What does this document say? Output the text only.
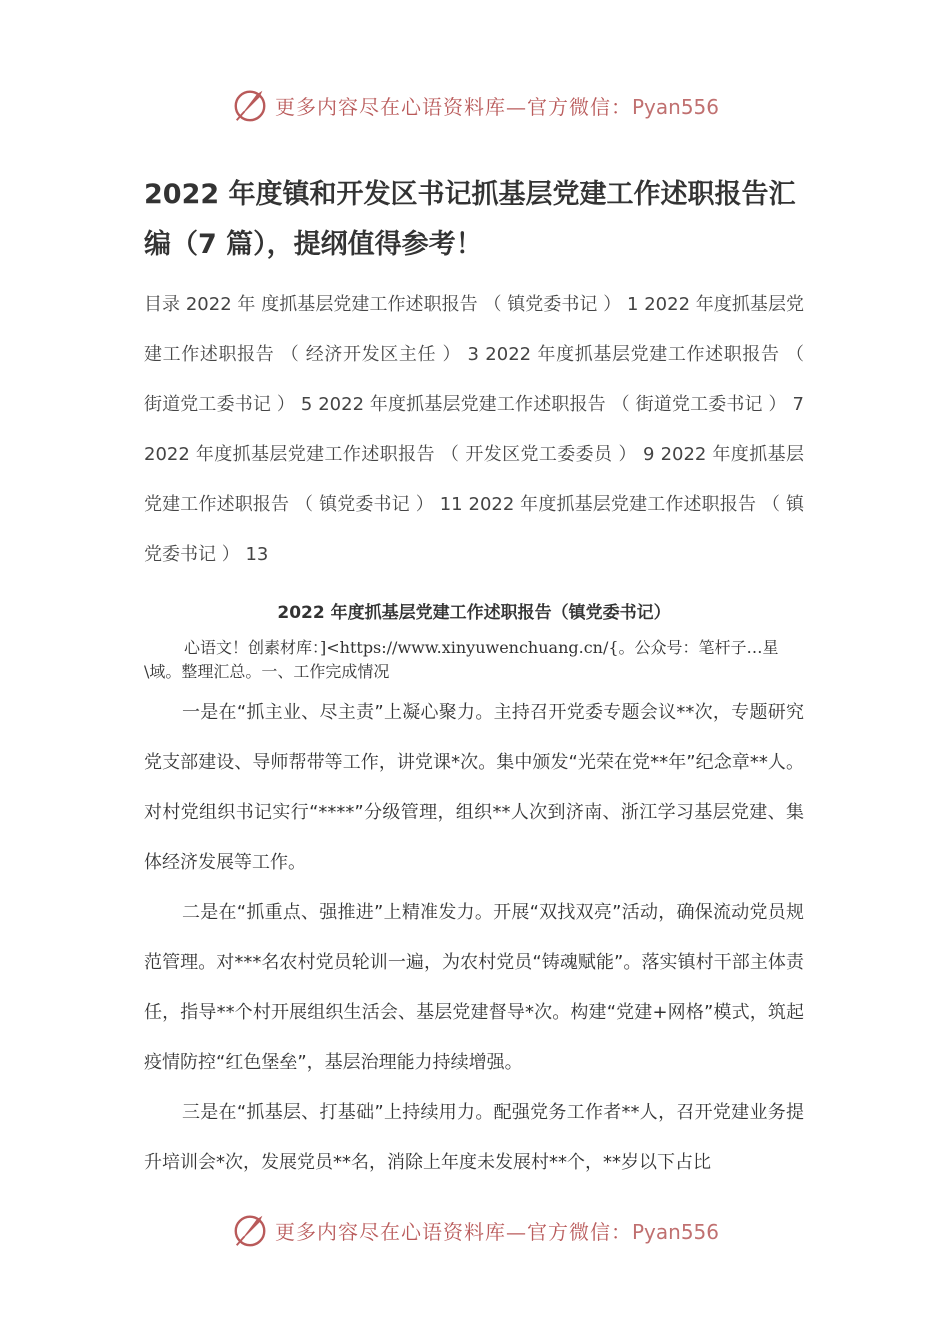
更多内容尽在心语资料库—官方微信：Pyan556
2022 年度镇和开发区书记抓基层党建工作述职报告汇编（7 篇），提纲值得参考！

目录 2022 年 度抓基层党建工作述职报告 （ 镇党委书记 ） 1 2022 年度抓基层党建工作述职报告 （ 经济开发区主任 ） 3 2022 年度抓基层党建工作述职报告 （ 街道党工委书记 ） 5 2022 年度抓基层党建工作述职报告 （ 街道党工委书记 ） 7 2022 年度抓基层党建工作述职报告 （ 开发区党工委委员 ） 9 2022 年度抓基层党建工作述职报告 （ 镇党委书记 ） 11 2022 年度抓基层党建工作述职报告 （ 镇党委书记 ） 13

2022 年度抓基层党建工作述职报告（镇党委书记）

心语文！创素材库：]<https://www.xinyuwenchuang.cn/{。公众号：笔杆子…星\域。整理汇总。一、工作完成情况

一是在“抓主业、尽主责”上凝心聚力。主持召开党委专题会议**次，专题研究党支部建设、导师帮带等工作，讲党课*次。集中颁发“光荣在党**年”纪念章**人。对村党组织书记实行“****”分级管理，组织**人次到济南、浙江学习基层党建、集体经济发展等工作。

二是在“抓重点、强推进”上精准发力。开展“双找双亮”活动，确保流动党员规范管理。对***名农村党员轮训一遍，为农村党员“铸魂赋能”。落实镇村干部主体责任，指导**个村开展组织生活会、基层党建督导*次。构建“党建+网格”模式，筑起疫情防控“红色堡垒”，基层治理能力持续增强。

三是在“抓基层、打基础”上持续用力。配强党务工作者**人，召开党建业务提升培训会*次，发展党员**名，消除上年度未发展村**个，**岁以下占比

更多内容尽在心语资料库—官方微信：Pyan556
